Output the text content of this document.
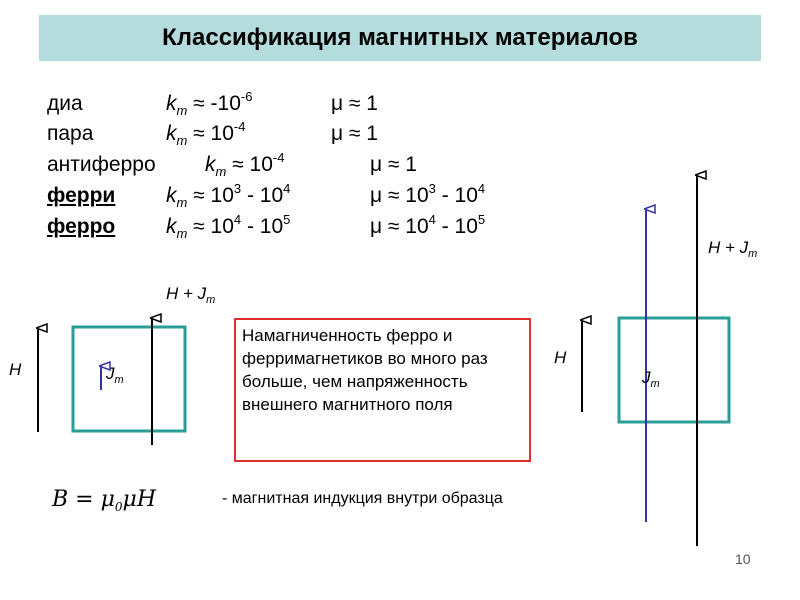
Классификация магнитных материалов
диа	$k_m \approx -10^{-6}$	μ ≈ 1
пара	$k_m \approx 10^{-4}$	μ ≈ 1
антиферро $k_m \approx 10^{-4}$	μ ≈ 1
ферри $k_m \approx 10^3 - 10^4$	$\mu \approx 10^3 - 10^4$
ферро $k_m \approx 10^4 - 10^5$	$\mu \approx 10^4 - 10^5$
H	$J_m$
$H + J_m$
H
$J_m$
$H + J_m$
Намагниченность ферро и ферримагнетиков во много раз больше, чем напряженность внешнего магнитного поля
$B = \mu_0\mu H$	- магнитная индукция внутри образца
10
